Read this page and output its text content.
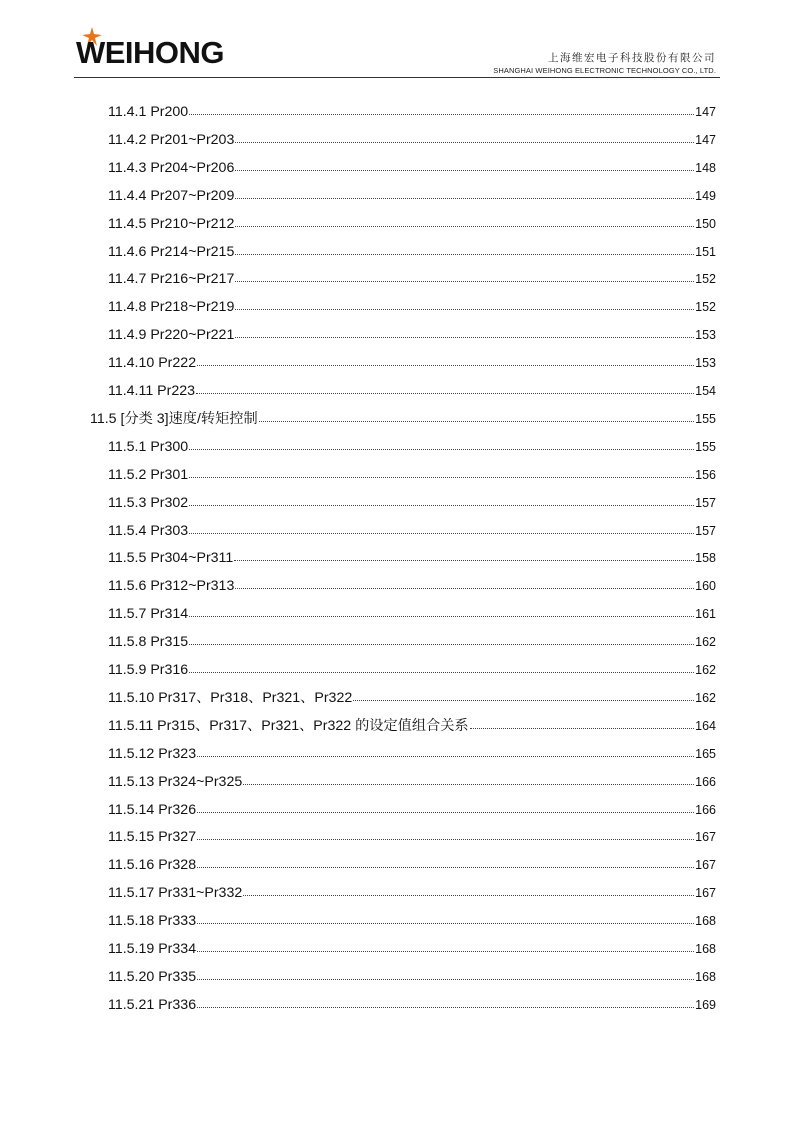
WEIHONG	上海维宏电子科技股份有限公司
SHANGHAI WEIHONG ELECTRONIC TECHNOLOGY CO., LTD.
11.4.1 Pr200	147
11.4.2 Pr201~Pr203	147
11.4.3 Pr204~Pr206	148
11.4.4 Pr207~Pr209	149
11.4.5 Pr210~Pr212	150
11.4.6 Pr214~Pr215	151
11.4.7 Pr216~Pr217	152
11.4.8 Pr218~Pr219	152
11.4.9 Pr220~Pr221	153
11.4.10 Pr222	153
11.4.11 Pr223	154
11.5 [分类 3]速度/转矩控制	155
11.5.1 Pr300	155
11.5.2 Pr301	156
11.5.3 Pr302	157
11.5.4 Pr303	157
11.5.5 Pr304~Pr311	158
11.5.6 Pr312~Pr313	160
11.5.7 Pr314	161
11.5.8 Pr315	162
11.5.9 Pr316	162
11.5.10 Pr317、Pr318、Pr321、Pr322	162
11.5.11 Pr315、Pr317、Pr321、Pr322 的设定值组合关系	164
11.5.12 Pr323	165
11.5.13 Pr324~Pr325	166
11.5.14 Pr326	166
11.5.15 Pr327	167
11.5.16 Pr328	167
11.5.17 Pr331~Pr332	167
11.5.18 Pr333	168
11.5.19 Pr334	168
11.5.20 Pr335	168
11.5.21 Pr336	169
